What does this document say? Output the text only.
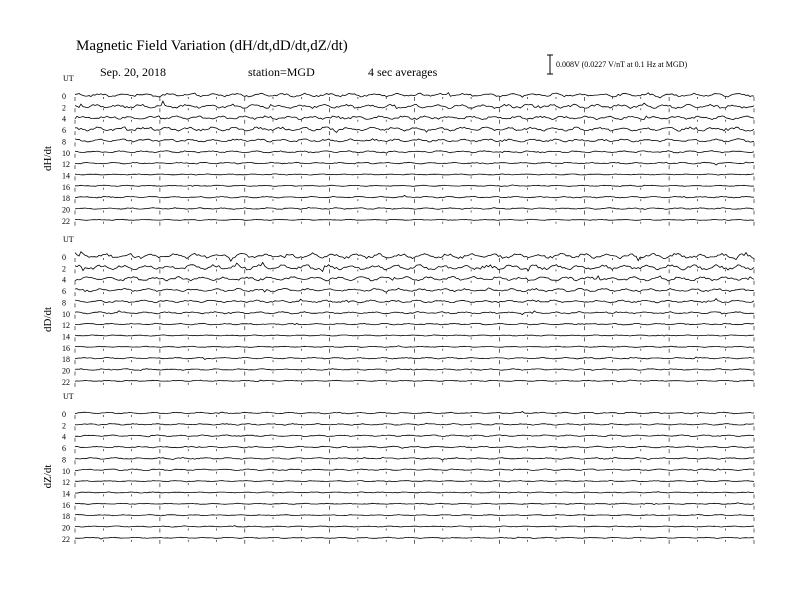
Magnetic Field Variation (dH/dt,dD/dt,dZ/dt)
Sep. 20, 2018	station=MGD	4 sec averages
0.008V (0.0227 V/nT at 0.1 Hz at MGD)
UT
dH/dt
0
2
4
6
8
10
12
14
16
18
20
22
UT
dD/dt
0
2
4
6
8
10
12
14
16
18
20
22
UT
dZ/dt
0
2
4
6
8
10
12
14
16
18
20
22
